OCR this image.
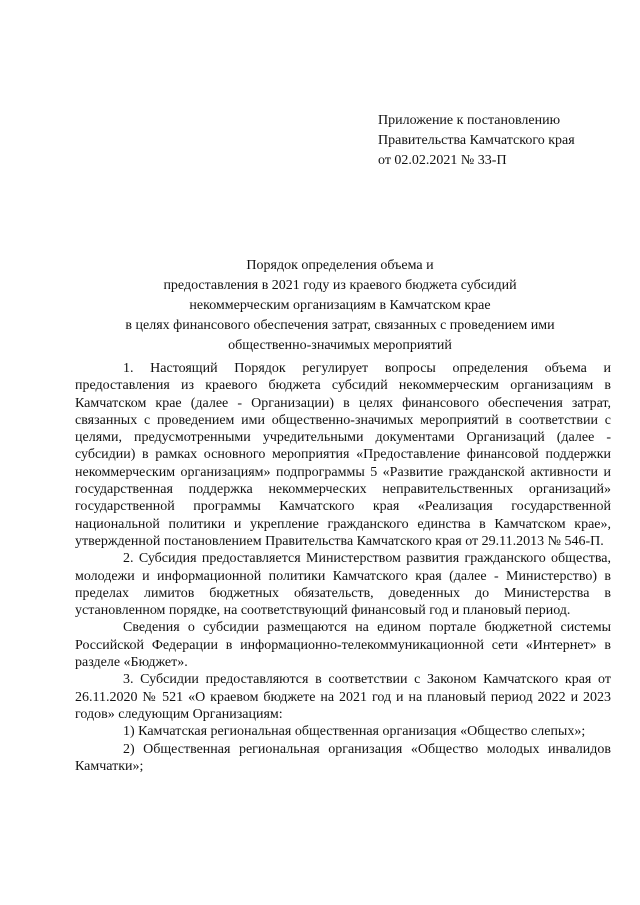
Приложение к постановлению
Правительства Камчатского края
от 02.02.2021 № 33-П
Порядок определения объема и
предоставления в 2021 году из краевого бюджета субсидий
некоммерческим организациям в Камчатском крае
в целях финансового обеспечения затрат, связанных с проведением ими
общественно-значимых мероприятий

1. Настоящий Порядок регулирует вопросы определения объема и предоставления из краевого бюджета субсидий некоммерческим организациям в Камчатском крае (далее - Организации) в целях финансового обеспечения затрат, связанных с проведением ими общественно-значимых мероприятий в соответствии с целями, предусмотренными учредительными документами Организаций (далее - субсидии) в рамках основного мероприятия «Предоставление финансовой поддержки некоммерческим организациям» подпрограммы 5 «Развитие гражданской активности и государственная поддержка некоммерческих неправительственных организаций» государственной программы Камчатского края «Реализация государственной национальной политики и укрепление гражданского единства в Камчатском крае», утвержденной постановлением Правительства Камчатского края от 29.11.2013 № 546-П.

2. Субсидия предоставляется Министерством развития гражданского общества, молодежи и информационной политики Камчатского края (далее - Министерство) в пределах лимитов бюджетных обязательств, доведенных до Министерства в установленном порядке, на соответствующий финансовый год и плановый период.

Сведения о субсидии размещаются на едином портале бюджетной системы Российской Федерации в информационно-телекоммуникационной сети «Интернет» в разделе «Бюджет».

3. Субсидии предоставляются в соответствии с Законом Камчатского края от 26.11.2020 № 521 «О краевом бюджете на 2021 год и на плановый период 2022 и 2023 годов» следующим Организациям:

1) Камчатская региональная общественная организация «Общество слепых»;

2) Общественная региональная организация «Общество молодых инвалидов Камчатки»;
